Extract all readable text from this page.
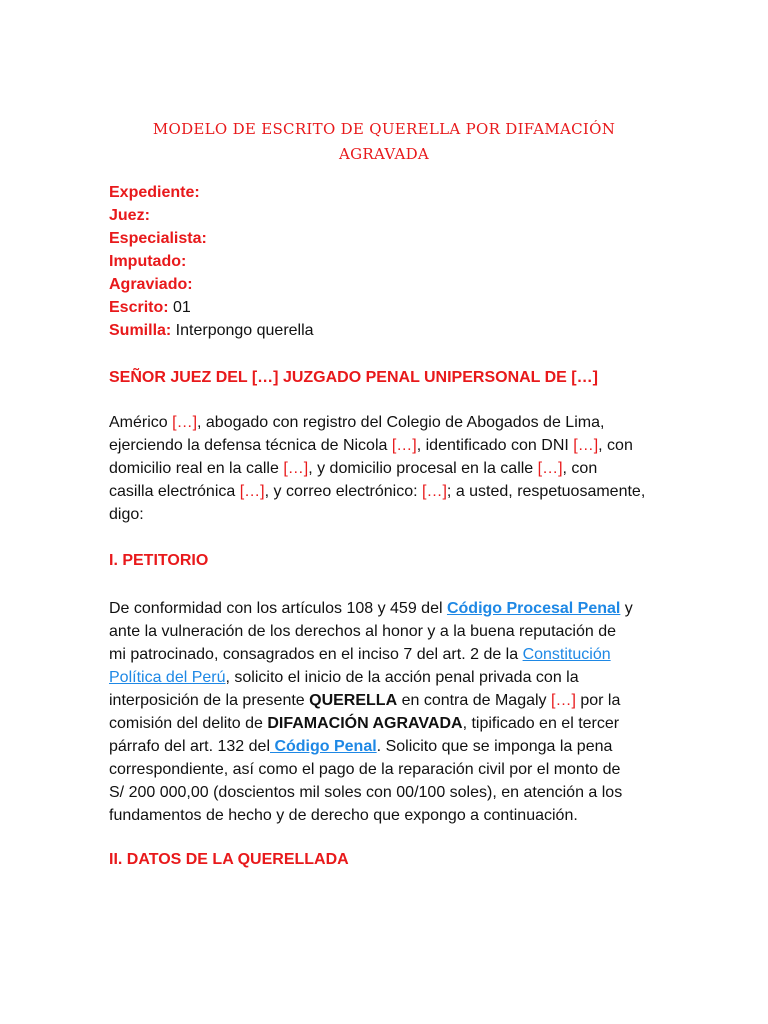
MODELO DE ESCRITO DE QUERELLA POR DIFAMACIÓN
AGRAVADA
Expediente:
Juez:
Especialista:
Imputado:
Agraviado:
Escrito: 01
Sumilla: Interpongo querella
SEÑOR JUEZ DEL […] JUZGADO PENAL UNIPERSONAL DE […]
Américo […], abogado con registro del Colegio de Abogados de Lima,
ejerciendo la defensa técnica de Nicola […], identificado con DNI […], con
domicilio real en la calle […], y domicilio procesal en la calle […], con
casilla electrónica […], y correo electrónico: […]; a usted, respetuosamente,
digo:
I. PETITORIO
De conformidad con los artículos 108 y 459 del Código Procesal Penal y
ante la vulneración de los derechos al honor y a la buena reputación de
mi patrocinado, consagrados en el inciso 7 del art. 2 de la Constitución
Política del Perú, solicito el inicio de la acción penal privada con la
interposición de la presente QUERELLA en contra de Magaly […] por la
comisión del delito de DIFAMACIÓN AGRAVADA, tipificado en el tercer
párrafo del art. 132 del Código Penal. Solicito que se imponga la pena
correspondiente, así como el pago de la reparación civil por el monto de
S/ 200 000,00 (doscientos mil soles con 00/100 soles), en atención a los
fundamentos de hecho y de derecho que expongo a continuación.
II. DATOS DE LA QUERELLADA
